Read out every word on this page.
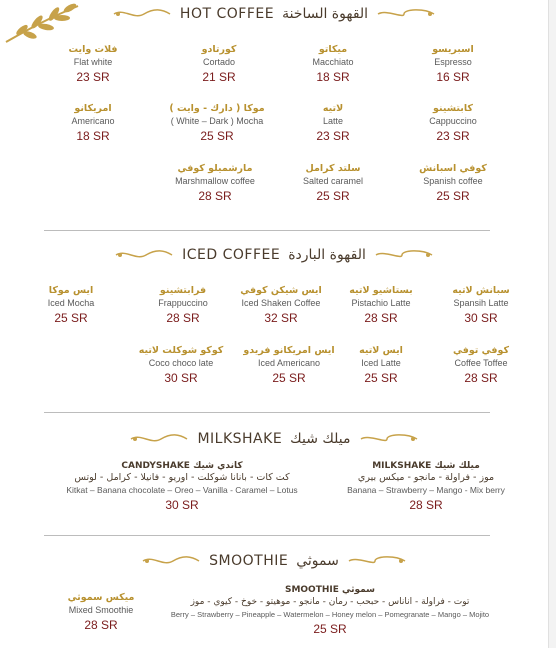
HOT COFFEE القهوة الساخنة
فلات وايت
Flat white
23 SR
كورتادو
Cortado
21 SR
ميكاتو
Macchiato
18 SR
اسبريسو
Espresso
16 SR
امريكانو
Americano
18 SR
( موكا ( دارك - وايت
( White – Dark ) Mocha
25 SR
لاتيه
Latte
23 SR
كابتشينو
Cappuccino
23 SR
مارشميلو كوفي
Marshmallow coffee
28 SR
سلتد كرامل
Salted caramel
25 SR
كوفي اسبانش
Spanish coffee
25 SR
ICED COFFEE القهوة الباردة
ايس موكا
Iced Mocha
25 SR
فرابتشينو
Frappuccino
28 SR
ايس شيكن كوفي
Iced Shaken Coffee
32 SR
بستاشيو لاتيه
Pistachio Latte
28 SR
سبانش لاتيه
Spansih Latte
30 SR
كوكو شوكلت لاتيه
Coco choco late
30 SR
ايس امريكانو فريدو
Iced Americano
25 SR
ايس لاتيه
Iced Latte
25 SR
كوفي توفي
Coffee Toffee
28 SR
MILKSHAKE ميلك شيك
CANDYSHAKE كاندي شيك
كت كات - بانانا شوكلت - اوريو - فانيلا - كرامل - لوتس
Kitkat – Banana chocolate – Oreo – Vanilla - Caramel – Lotus
30 SR
MILKSHAKE ميلك شيك
موز - فراولة - مانجو - ميكس بيري
Banana – Strawberry – Mango - Mix berry
28 SR
SMOOTHIE سموثي
ميكس سموثي
Mixed Smoothie
28 SR
SMOOTHIE سموثي
توت - فراولة - اناناس - حبحب - رمان - مانجو - موهيتو - خوخ - كيوي - موز
Berry – Strawberry – Pineapple – Watermelon – Honey melon – Pomegranate – Mango – Mojito
25 SR
